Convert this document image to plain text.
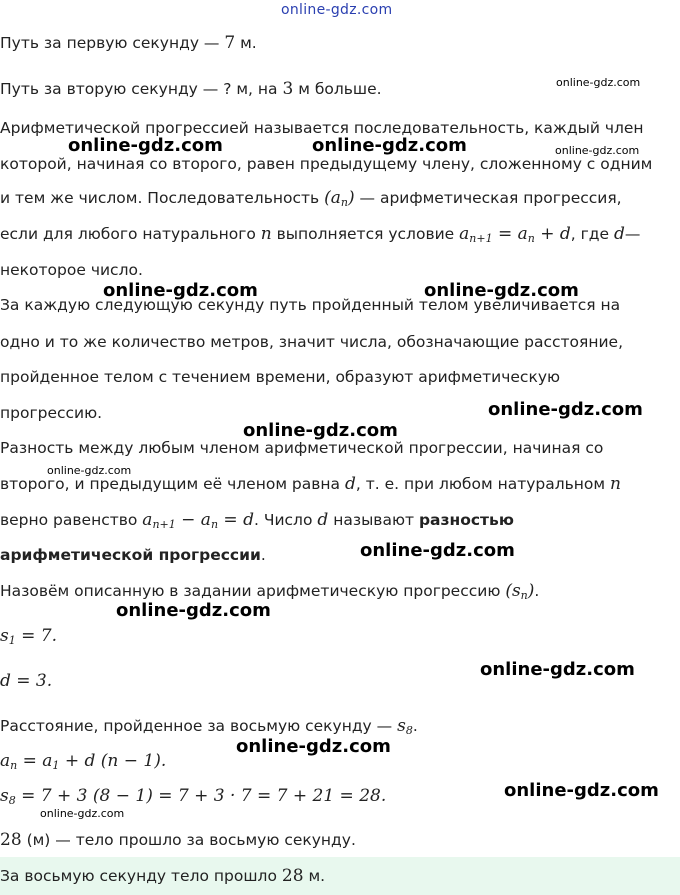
online-gdz.com
Путь за первую секунду — 7 м.
Путь за вторую секунду — ? м, на 3 м больше.
Арифметической прогрессией называется последовательность, каждый член
которой, начиная со второго, равен предыдущему члену, сложенному с одним
и тем же числом. Последовательность $(a_n)$ — арифметическая прогрессия,
если для любого натурального n выполняется условие $a_{n+1} = a_n + d$, где d—
некоторое число.
За каждую следующую секунду путь пройденный телом увеличивается на
одно и то же количество метров, значит числа, обозначающие расстояние,
пройденное телом с течением времени, образуют арифметическую
прогрессию.
Разность между любым членом арифметической прогрессии, начиная со
второго, и предыдущим её членом равна d, т. е. при любом натуральном n
верно равенство $a_{n+1} - a_n = d$. Число d называют разностью
арифметической прогрессии.
Назовём описанную в задании арифметическую прогрессию $(s_n)$.
$s_1 = 7$.
d = 3.
Расстояние, пройденное за восьмую секунду — $s_8$.
$a_n = a_1 + d$ (n − 1).
$s_8 = 7 + 3$ (8 − 1) = 7 + 3 · 7 = 7 + 21 = 28.
28 (м) — тело прошло за восьмую секунду.
За восьмую секунду тело прошло 28 м.
online-gdz.com
online-gdz.com	online-gdz.com	online-gdz.com
online-gdz.com	online-gdz.com
online-gdz.com
online-gdz.com
online-gdz.com
online-gdz.com
online-gdz.com
online-gdz.com
online-gdz.com
online-gdz.com
online-gdz.com
